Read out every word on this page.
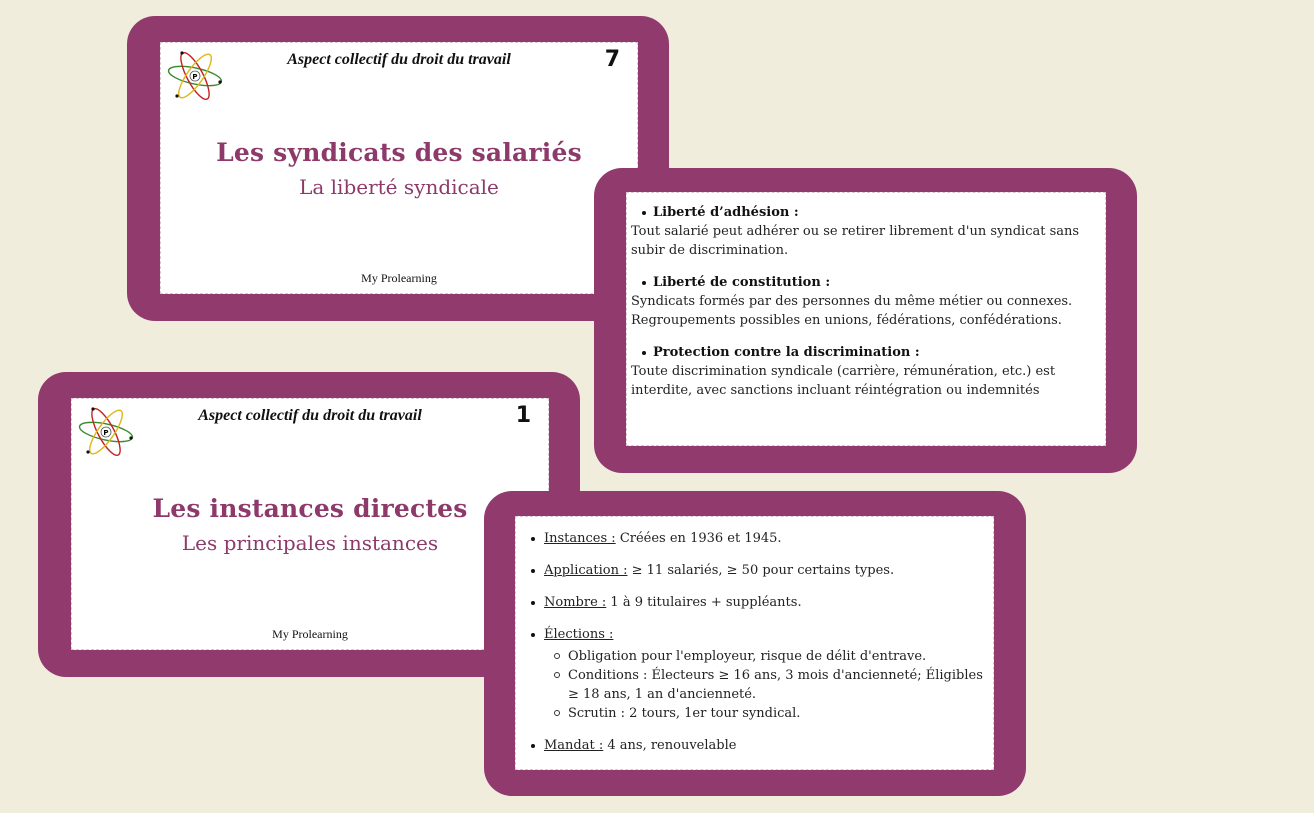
P
Aspect collectif du droit du travail	7
Les syndicats des salariés
La liberté syndicale
My Prolearning
P
Aspect collectif du droit du travail	1
Les instances directes
Les principales instances
My Prolearning
Liberté d’adhésion :
Tout salarié peut adhérer ou se retirer librement d'un syndicat sans subir de discrimination.
Liberté de constitution :
Syndicats formés par des personnes du même métier ou connexes. Regroupements possibles en unions, fédérations, confédérations.
Protection contre la discrimination :
Toute discrimination syndicale (carrière, rémunération, etc.) est interdite, avec sanctions incluant réintégration ou indemnités
Instances : Créées en 1936 et 1945.
Application : ≥ 11 salariés, ≥ 50 pour certains types.
Nombre : 1 à 9 titulaires + suppléants.
Élections :
Obligation pour l'employeur, risque de délit d'entrave.
Conditions : Électeurs ≥ 16 ans, 3 mois d'ancienneté; Éligibles ≥ 18 ans, 1 an d'ancienneté.
Scrutin : 2 tours, 1er tour syndical.
Mandat : 4 ans, renouvelable
